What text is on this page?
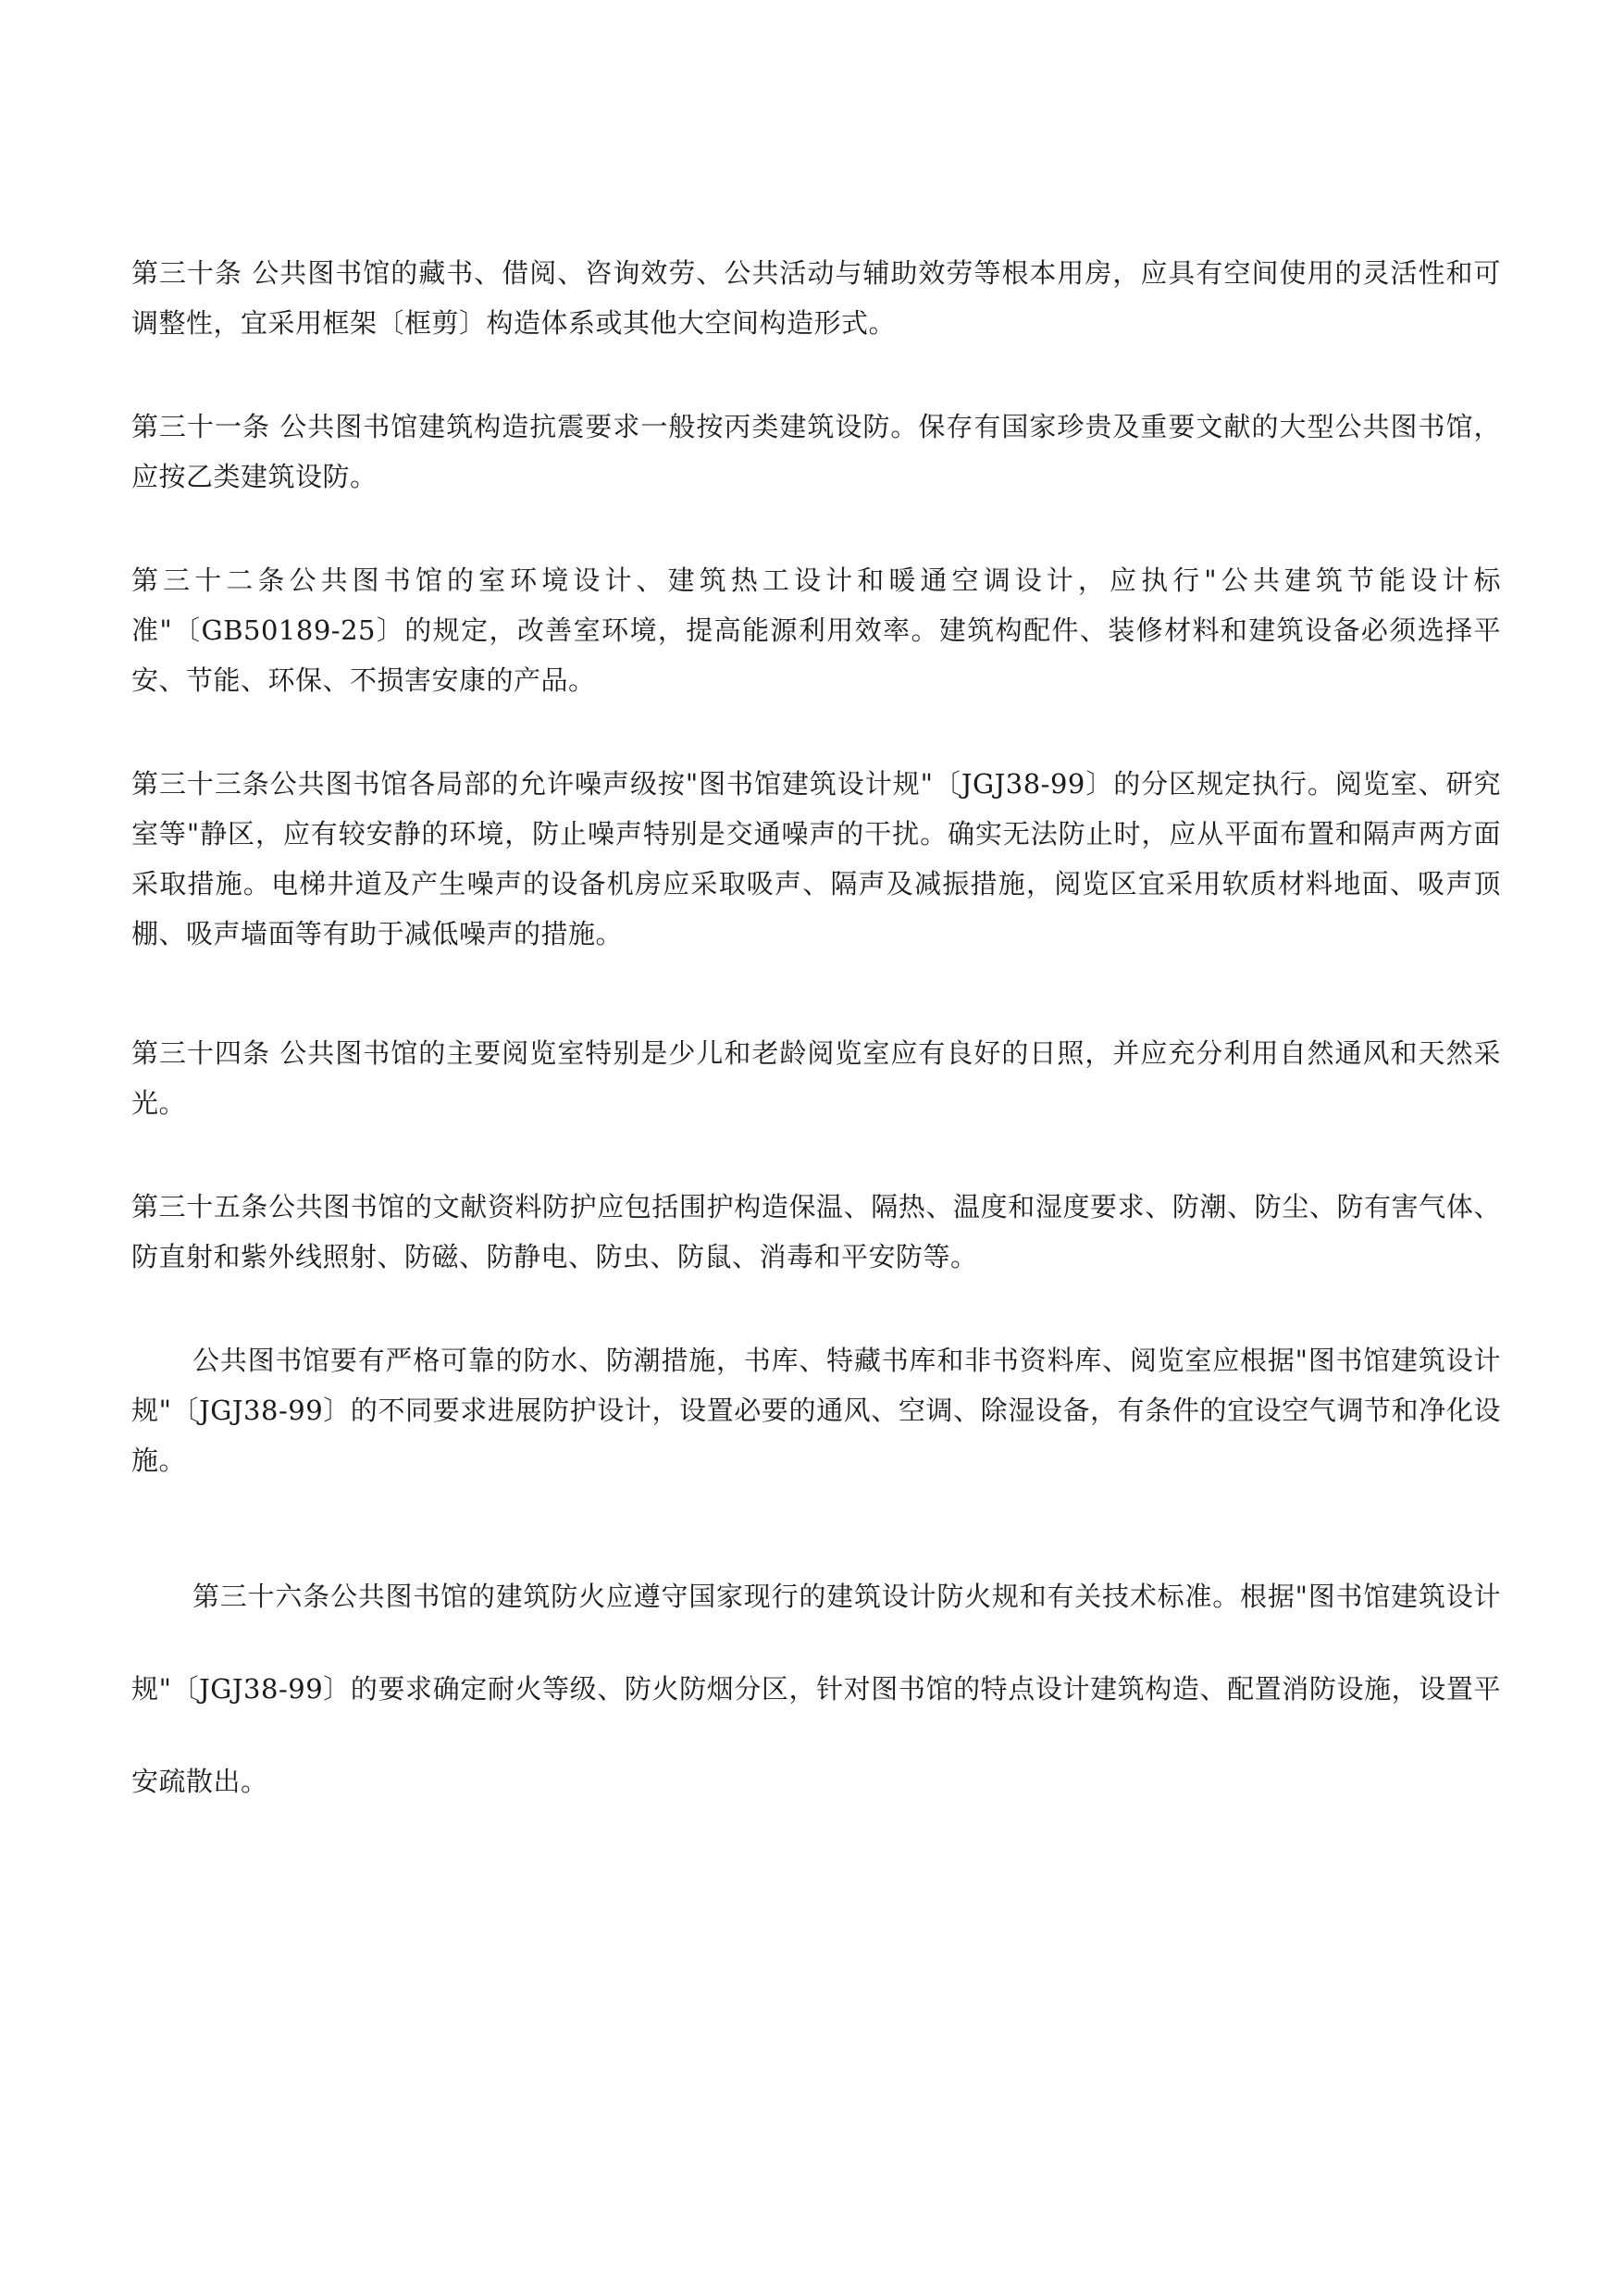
第三十条 公共图书馆的藏书、借阅、咨询效劳、公共活动与辅助效劳等根本用房，应具有空间使用的灵活性和可调整性，宜采用框架〔框剪〕构造体系或其他大空间构造形式。

第三十一条 公共图书馆建筑构造抗震要求一般按丙类建筑设防。保存有国家珍贵及重要文献的大型公共图书馆，应按乙类建筑设防。

第三十二条公共图书馆的室环境设计、建筑热工设计和暖通空调设计，应执行"公共建筑节能设计标准"〔GB50189-25〕的规定，改善室环境，提高能源利用效率。建筑构配件、装修材料和建筑设备必须选择平安、节能、环保、不损害安康的产品。

第三十三条公共图书馆各局部的允许噪声级按"图书馆建筑设计规"〔JGJ38-99〕的分区规定执行。阅览室、研究室等"静区，应有较安静的环境，防止噪声特别是交通噪声的干扰。确实无法防止时，应从平面布置和隔声两方面采取措施。电梯井道及产生噪声的设备机房应采取吸声、隔声及减振措施，阅览区宜采用软质材料地面、吸声顶棚、吸声墙面等有助于减低噪声的措施。

第三十四条 公共图书馆的主要阅览室特别是少儿和老龄阅览室应有良好的日照，并应充分利用自然通风和天然采光。

第三十五条公共图书馆的文献资料防护应包括围护构造保温、隔热、温度和湿度要求、防潮、防尘、防有害气体、防直射和紫外线照射、防磁、防静电、防虫、防鼠、消毒和平安防等。

公共图书馆要有严格可靠的防水、防潮措施，书库、特藏书库和非书资料库、阅览室应根据"图书馆建筑设计规"〔JGJ38-99〕的不同要求进展防护设计，设置必要的通风、空调、除湿设备，有条件的宜设空气调节和净化设施。

第三十六条公共图书馆的建筑防火应遵守国家现行的建筑设计防火规和有关技术标准。根据"图书馆建筑设计规"〔JGJ38-99〕的要求确定耐火等级、防火防烟分区，针对图书馆的特点设计建筑构造、配置消防设施，设置平安疏散出。
